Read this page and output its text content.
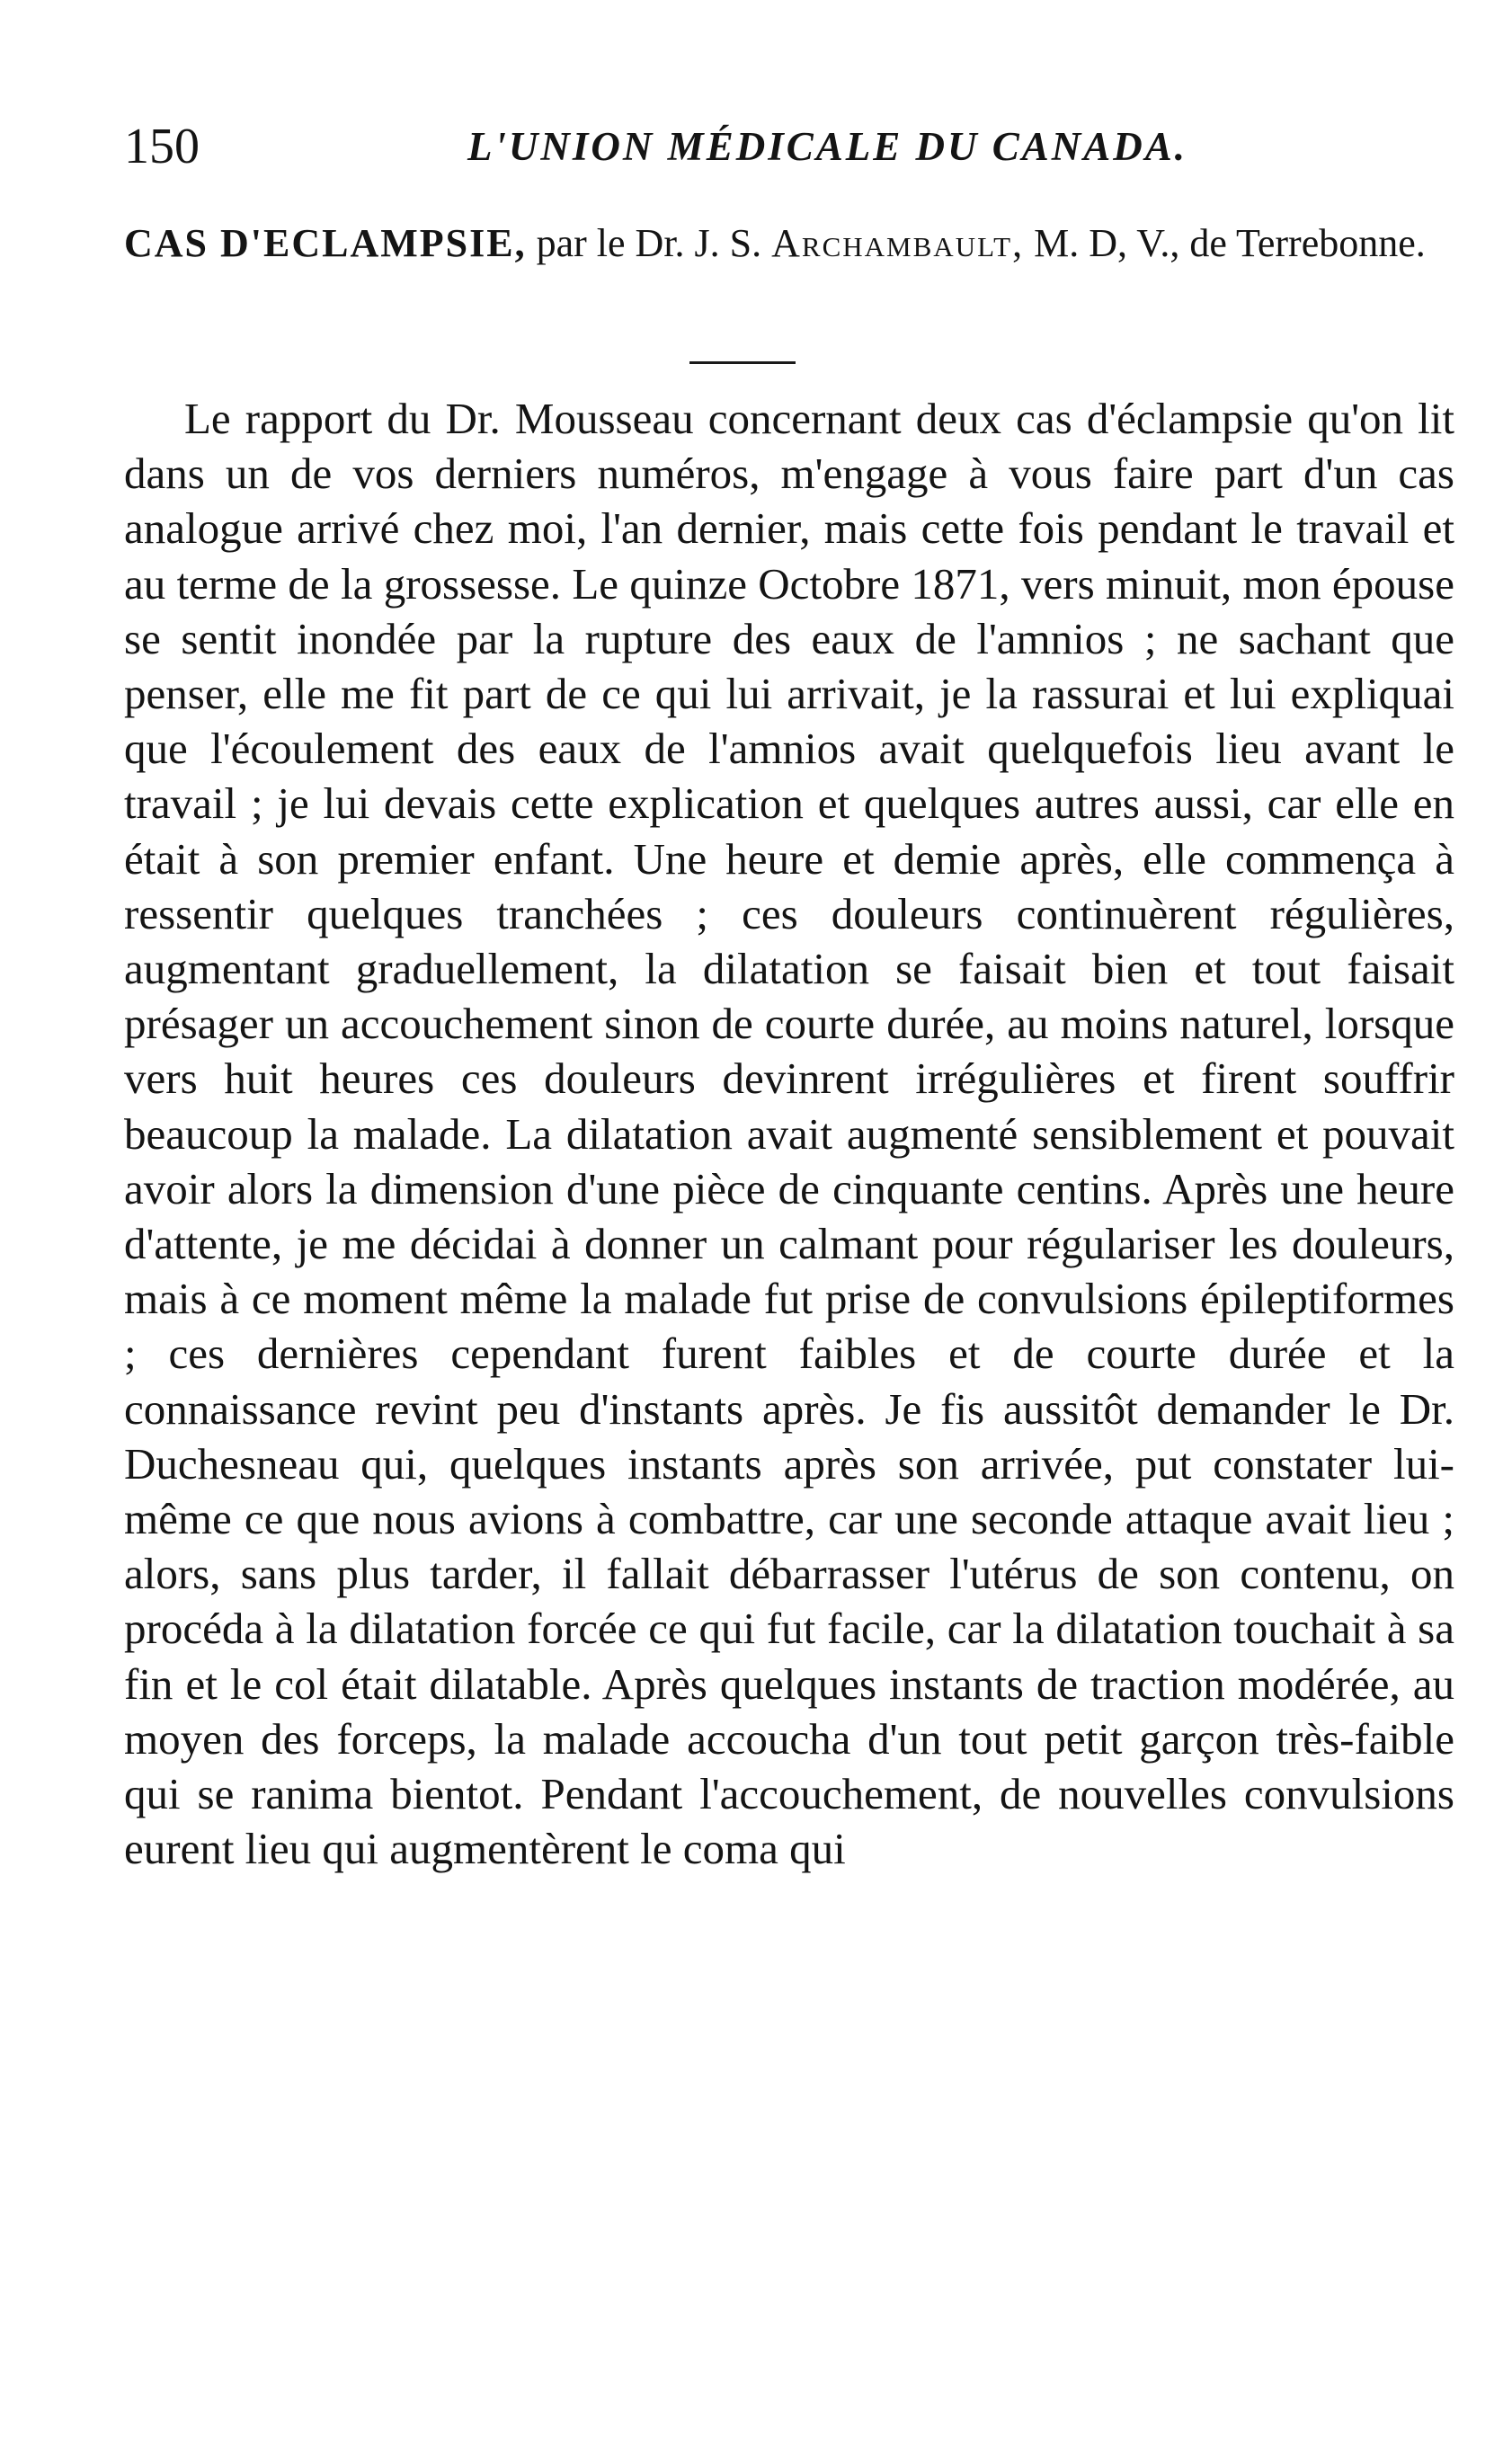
150	L'UNION MÉDICALE DU CANADA.
CAS D'ECLAMPSIE, par le Dr. J. S. Archambault, M. D, V., de Terrebonne.

Le rapport du Dr. Mousseau concernant deux cas d'éclampsie qu'on lit dans un de vos derniers numéros, m'engage à vous faire part d'un cas analogue arrivé chez moi, l'an dernier, mais cette fois pendant le travail et au terme de la grossesse. Le quinze Octobre 1871, vers minuit, mon épouse se sentit inondée par la rupture des eaux de l'amnios ; ne sachant que penser, elle me fit part de ce qui lui arrivait, je la rassurai et lui expliquai que l'écoulement des eaux de l'amnios avait quelquefois lieu avant le travail ; je lui devais cette explication et quelques autres aussi, car elle en était à son premier enfant. Une heure et demie après, elle commença à ressentir quelques tranchées ; ces douleurs continuèrent régulières, augmentant graduellement, la dilatation se faisait bien et tout faisait présager un accouchement sinon de courte durée, au moins naturel, lorsque vers huit heures ces douleurs devinrent irrégulières et firent souffrir beaucoup la malade. La dilatation avait augmenté sensiblement et pouvait avoir alors la dimension d'une pièce de cinquante centins. Après une heure d'attente, je me décidai à donner un calmant pour régulariser les douleurs, mais à ce moment même la malade fut prise de convulsions épileptiformes ; ces dernières cependant furent faibles et de courte durée et la connaissance revint peu d'instants après. Je fis aussitôt demander le Dr. Duchesneau qui, quelques instants après son arrivée, put constater lui-même ce que nous avions à combattre, car une seconde attaque avait lieu ; alors, sans plus tarder, il fallait débarrasser l'utérus de son contenu, on procéda à la dilatation forcée ce qui fut facile, car la dilatation touchait à sa fin et le col était dilatable. Après quelques instants de traction modérée, au moyen des forceps, la malade accoucha d'un tout petit garçon très-faible qui se ranima bientot. Pendant l'accouchement, de nouvelles convulsions eurent lieu qui augmentèrent le coma qui
